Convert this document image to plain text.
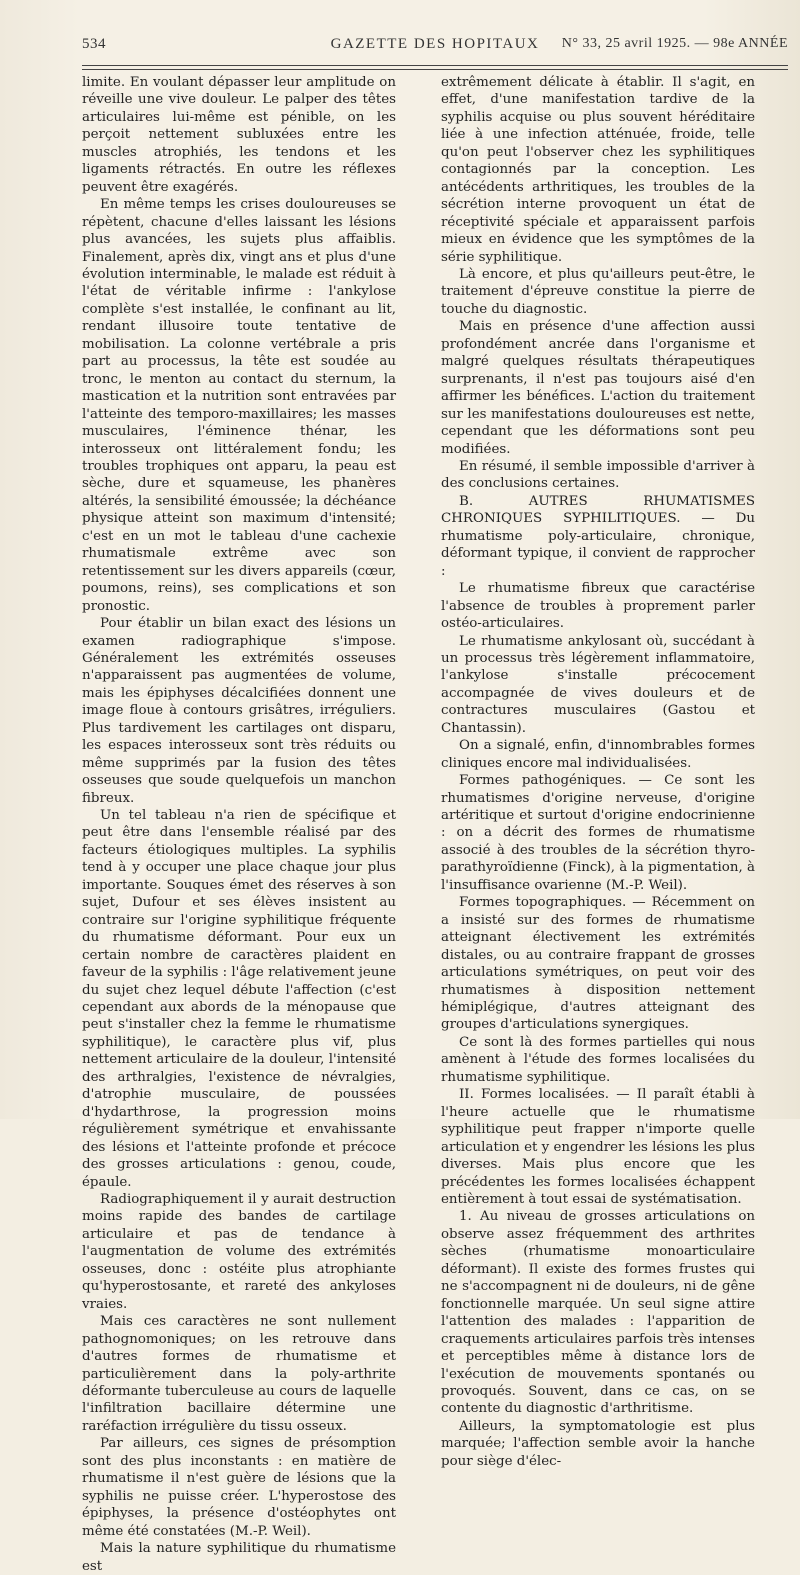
534	GAZETTE DES HOPITAUX	N° 33, 25 avril 1925. — 98e ANNÉE

limite. En voulant dépasser leur amplitude on réveille une vive douleur. Le palper des têtes articulaires lui-même est pénible, on les perçoit nettement subluxées entre les muscles atrophiés, les tendons et les ligaments rétractés. En outre les réflexes peuvent être exagérés.

En même temps les crises douloureuses se répètent, chacune d'elles laissant les lésions plus avancées, les sujets plus affaiblis. Finalement, après dix, vingt ans et plus d'une évolution interminable, le malade est réduit à l'état de véritable infirme : l'ankylose complète s'est installée, le confinant au lit, rendant illusoire toute tentative de mobilisation. La colonne vertébrale a pris part au processus, la tête est soudée au tronc, le menton au contact du sternum, la mastication et la nutrition sont entravées par l'atteinte des temporo-maxillaires; les masses musculaires, l'éminence thénar, les interosseux ont littéralement fondu; les troubles trophiques ont apparu, la peau est sèche, dure et squameuse, les phanères altérés, la sensibilité émoussée; la déchéance physique atteint son maximum d'intensité; c'est en un mot le tableau d'une cachexie rhumatismale extrême avec son retentissement sur les divers appareils (cœur, poumons, reins), ses complications et son pronostic.

Pour établir un bilan exact des lésions un examen radiographique s'impose. Généralement les extrémités osseuses n'apparaissent pas augmentées de volume, mais les épiphyses décalcifiées donnent une image floue à contours grisâtres, irréguliers. Plus tardivement les cartilages ont disparu, les espaces interosseux sont très réduits ou même supprimés par la fusion des têtes osseuses que soude quelquefois un manchon fibreux.

Un tel tableau n'a rien de spécifique et peut être dans l'ensemble réalisé par des facteurs étiologiques multiples. La syphilis tend à y occuper une place chaque jour plus importante. Souques émet des réserves à son sujet, Dufour et ses élèves insistent au contraire sur l'origine syphilitique fréquente du rhumatisme déformant. Pour eux un certain nombre de caractères plaident en faveur de la syphilis : l'âge relativement jeune du sujet chez lequel débute l'affection (c'est cependant aux abords de la ménopause que peut s'installer chez la femme le rhumatisme syphilitique), le caractère plus vif, plus nettement articulaire de la douleur, l'intensité des arthralgies, l'existence de névralgies, d'atrophie musculaire, de poussées d'hydarthrose, la progression moins régulièrement symétrique et envahissante des lésions et l'atteinte profonde et précoce des grosses articulations : genou, coude, épaule.

Radiographiquement il y aurait destruction moins rapide des bandes de cartilage articulaire et pas de tendance à l'augmentation de volume des extrémités osseuses, donc : ostéite plus atrophiante qu'hyperostosante, et rareté des ankyloses vraies.

Mais ces caractères ne sont nullement pathognomoniques; on les retrouve dans d'autres formes de rhumatisme et particulièrement dans la poly-arthrite déformante tuberculeuse au cours de laquelle l'infiltration bacillaire détermine une raréfaction irrégulière du tissu osseux.

Par ailleurs, ces signes de présomption sont des plus inconstants : en matière de rhumatisme il n'est guère de lésions que la syphilis ne puisse créer. L'hyperostose des épiphyses, la présence d'ostéophytes ont même été constatées (M.-P. Weil).

Mais la nature syphilitique du rhumatisme est

extrêmement délicate à établir. Il s'agit, en effet, d'une manifestation tardive de la syphilis acquise ou plus souvent héréditaire liée à une infection atténuée, froide, telle qu'on peut l'observer chez les syphilitiques contagionnés par la conception. Les antécédents arthritiques, les troubles de la sécrétion interne provoquent un état de réceptivité spéciale et apparaissent parfois mieux en évidence que les symptômes de la série syphilitique.

Là encore, et plus qu'ailleurs peut-être, le traitement d'épreuve constitue la pierre de touche du diagnostic.

Mais en présence d'une affection aussi profondément ancrée dans l'organisme et malgré quelques résultats thérapeutiques surprenants, il n'est pas toujours aisé d'en affirmer les bénéfices. L'action du traitement sur les manifestations douloureuses est nette, cependant que les déformations sont peu modifiées.

En résumé, il semble impossible d'arriver à des conclusions certaines.

B. AUTRES RHUMATISMES CHRONIQUES SYPHILITIQUES. — Du rhumatisme poly-articulaire, chronique, déformant typique, il convient de rapprocher :

Le rhumatisme fibreux que caractérise l'absence de troubles à proprement parler ostéo-articulaires.

Le rhumatisme ankylosant où, succédant à un processus très légèrement inflammatoire, l'ankylose s'installe précocement accompagnée de vives douleurs et de contractures musculaires (Gastou et Chantassin).

On a signalé, enfin, d'innombrables formes cliniques encore mal individualisées.

Formes pathogéniques. — Ce sont les rhumatismes d'origine nerveuse, d'origine artéritique et surtout d'origine endocrinienne : on a décrit des formes de rhumatisme associé à des troubles de la sécrétion thyro-parathyroïdienne (Finck), à la pigmentation, à l'insuffisance ovarienne (M.-P. Weil).

Formes topographiques. — Récemment on a insisté sur des formes de rhumatisme atteignant électivement les extrémités distales, ou au contraire frappant de grosses articulations symétriques, on peut voir des rhumatismes à disposition nettement hémiplégique, d'autres atteignant des groupes d'articulations synergiques.

Ce sont là des formes partielles qui nous amènent à l'étude des formes localisées du rhumatisme syphilitique.

II. Formes localisées. — Il paraît établi à l'heure actuelle que le rhumatisme syphilitique peut frapper n'importe quelle articulation et y engendrer les lésions les plus diverses. Mais plus encore que les précédentes les formes localisées échappent entièrement à tout essai de systématisation.

1. Au niveau de grosses articulations on observe assez fréquemment des arthrites sèches (rhumatisme monoarticulaire déformant). Il existe des formes frustes qui ne s'accompagnent ni de douleurs, ni de gêne fonctionnelle marquée. Un seul signe attire l'attention des malades : l'apparition de craquements articulaires parfois très intenses et perceptibles même à distance lors de l'exécution de mouvements spontanés ou provoqués. Souvent, dans ce cas, on se contente du diagnostic d'arthritisme.

Ailleurs, la symptomatologie est plus marquée; l'affection semble avoir la hanche pour siège d'élec-
